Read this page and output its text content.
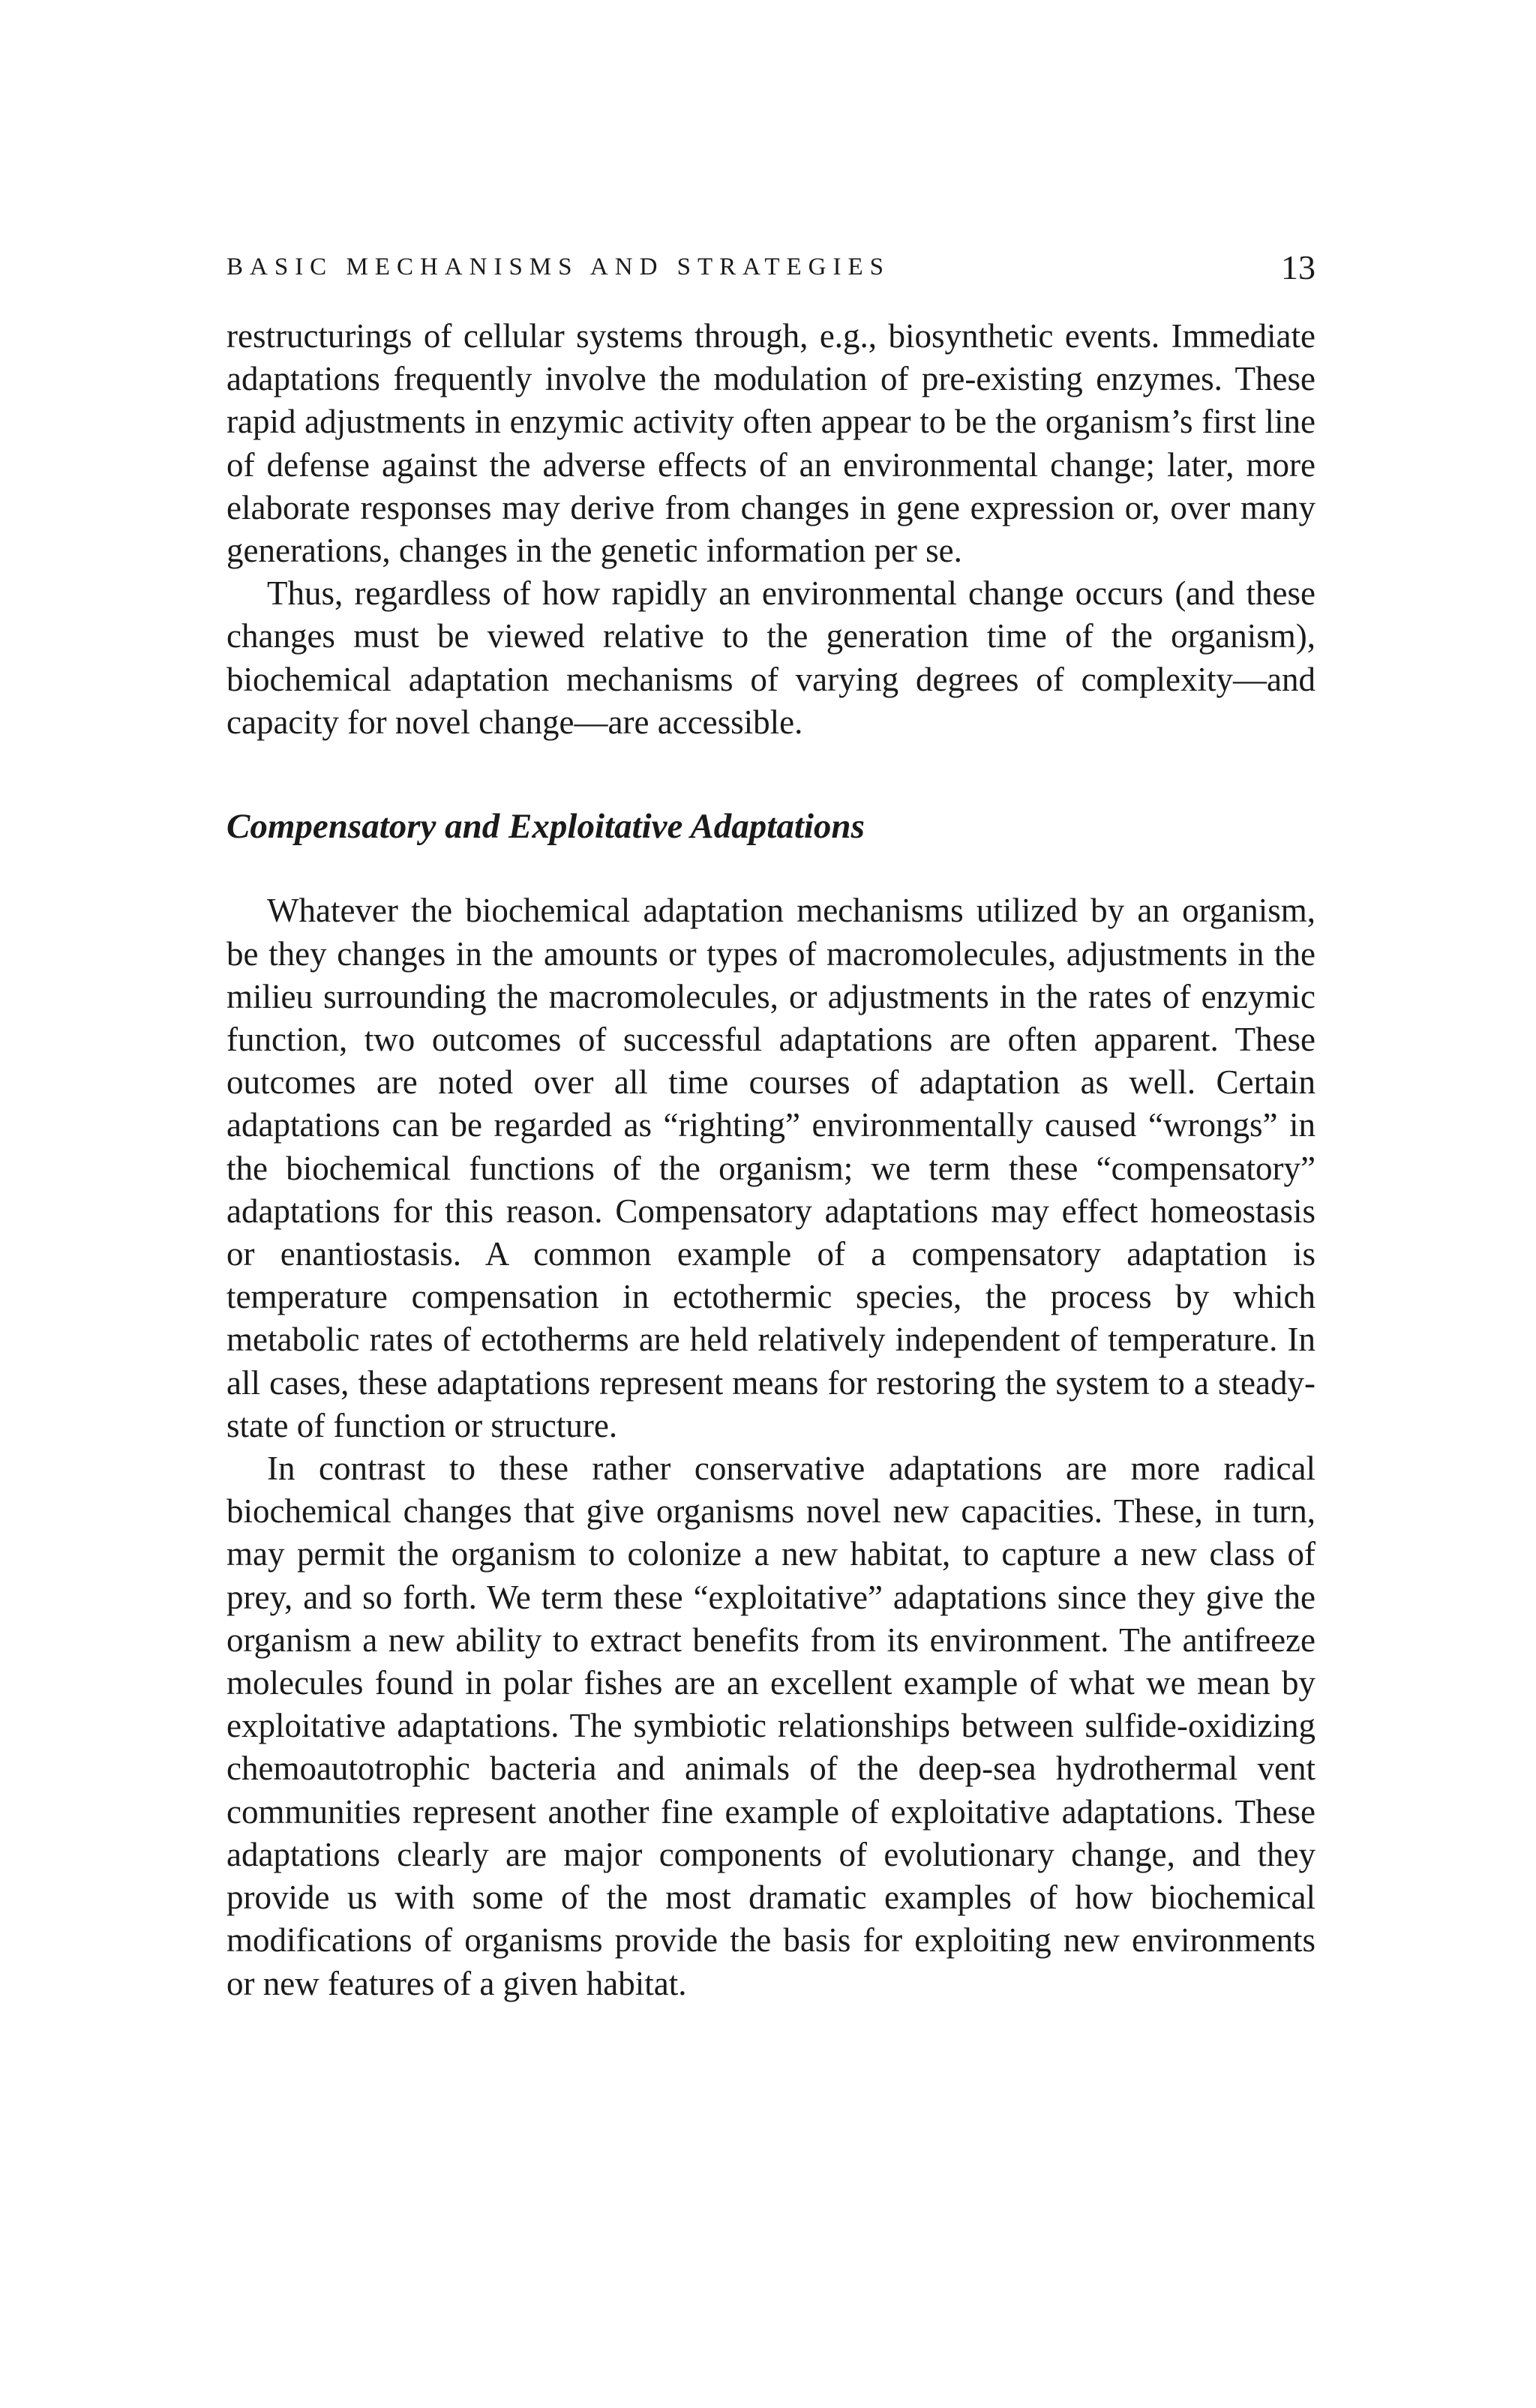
BASIC MECHANISMS AND STRATEGIES	13

restructurings of cellular systems through, e.g., biosynthetic events. Immediate adaptations frequently involve the modulation of pre-existing enzymes. These rapid adjustments in enzymic activity often appear to be the organism’s first line of defense against the adverse effects of an environmental change; later, more elaborate responses may derive from changes in gene expression or, over many generations, changes in the genetic information per se.

Thus, regardless of how rapidly an environmental change occurs (and these changes must be viewed relative to the generation time of the organism), biochemical adaptation mechanisms of varying degrees of complexity—and capacity for novel change—are accessible.

Compensatory and Exploitative Adaptations

Whatever the biochemical adaptation mechanisms utilized by an organism, be they changes in the amounts or types of macromolecules, adjustments in the milieu surrounding the macromolecules, or adjustments in the rates of enzymic function, two outcomes of successful adaptations are often apparent. These outcomes are noted over all time courses of adaptation as well. Certain adaptations can be regarded as “righting” environmentally caused “wrongs” in the biochemical functions of the organism; we term these “compensatory” adaptations for this reason. Compensatory adaptations may effect homeostasis or enantiostasis. A common example of a compensatory adaptation is temperature compensation in ectothermic species, the process by which metabolic rates of ectotherms are held relatively independent of temperature. In all cases, these adaptations represent means for restoring the system to a steady-state of function or structure.

In contrast to these rather conservative adaptations are more radical biochemical changes that give organisms novel new capacities. These, in turn, may permit the organism to colonize a new habitat, to capture a new class of prey, and so forth. We term these “exploitative” adaptations since they give the organism a new ability to extract benefits from its environment. The antifreeze molecules found in polar fishes are an excellent example of what we mean by exploitative adaptations. The symbiotic relationships between sulfide-oxidizing chemoautotrophic bacteria and animals of the deep-sea hydrothermal vent communities represent another fine example of exploitative adaptations. These adaptations clearly are major components of evolutionary change, and they provide us with some of the most dramatic examples of how biochemical modifications of organisms provide the basis for exploiting new environments or new features of a given habitat.
